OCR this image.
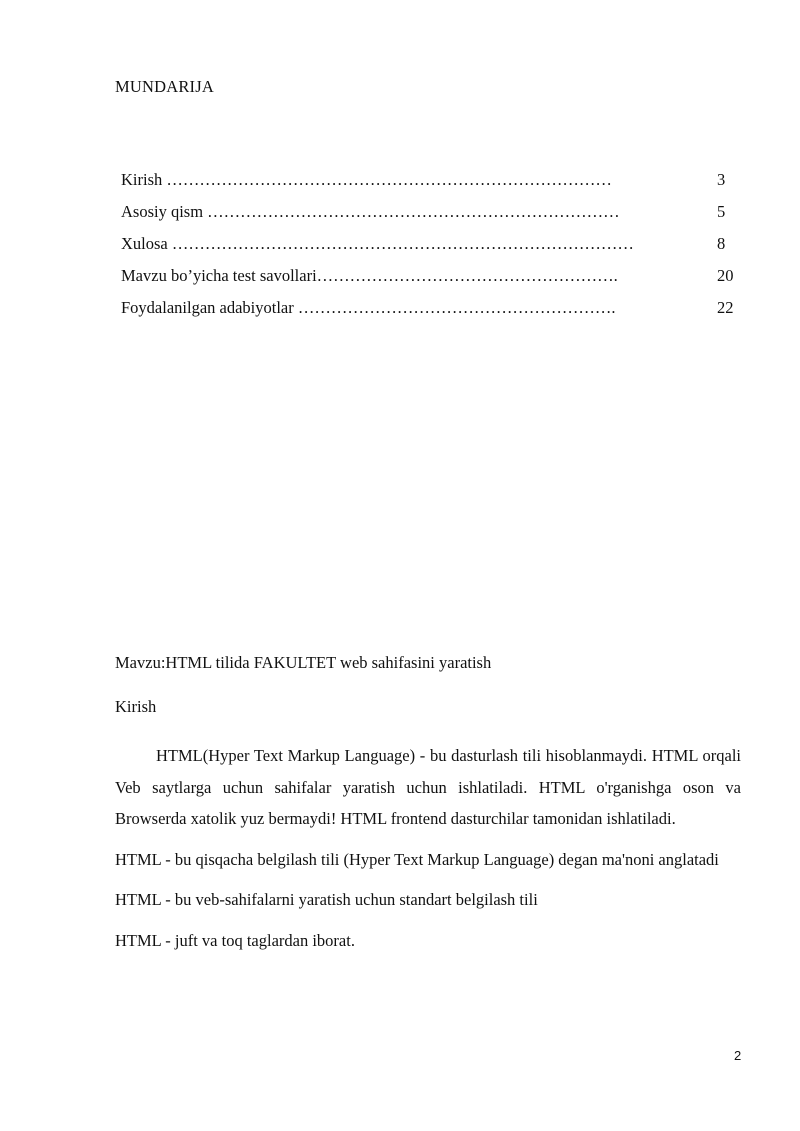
MUNDARIJA
Kirish ………………………………………………………………………	3
Asosiy qism …………………………………………………………………	5
Xulosa …………………………………………………………………………	8
Mavzu bo’yicha test savollari……………………………………………….	20
Foydalanilgan adabiyotlar ………………………………………………….	22
Mavzu:HTML tilida FAKULTET web sahifasini yaratish
Kirish

HTML(Hyper Text Markup Language) - bu dasturlash tili hisoblanmaydi. HTML orqali Veb saytlarga uchun sahifalar yaratish uchun ishlatiladi. HTML o'rganishga oson va Browserda xatolik yuz bermaydi! HTML frontend dasturchilar tamonidan ishlatiladi.

HTML - bu qisqacha belgilash tili (Hyper Text Markup Language) degan ma'noni anglatadi

HTML - bu veb-sahifalarni yaratish uchun standart belgilash tili

HTML - juft va toq taglardan iborat.

2
